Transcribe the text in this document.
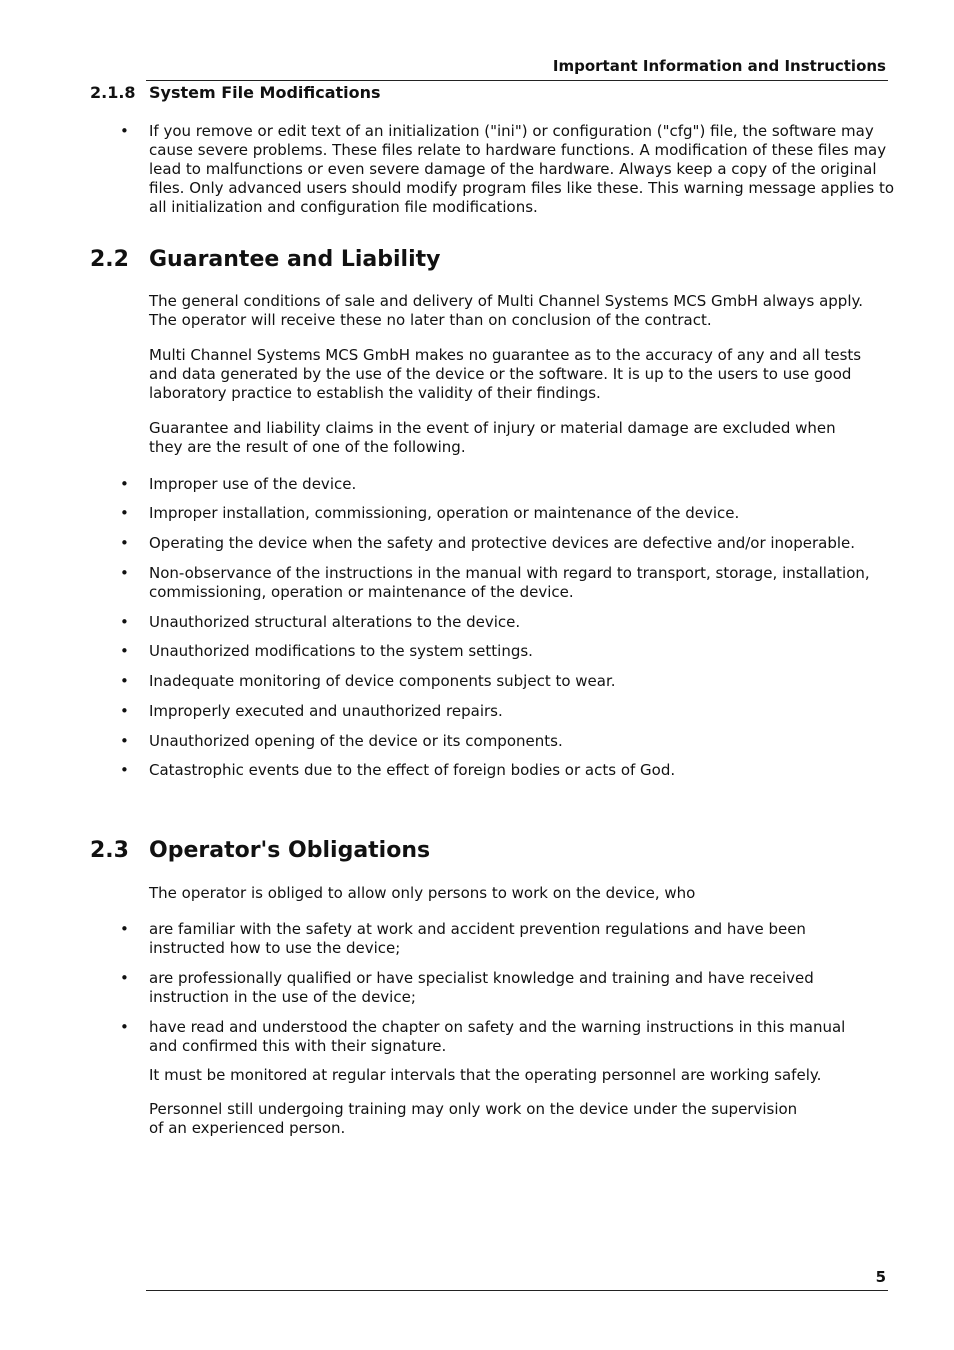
Important Information and Instructions
2.1.8 System File Modifications
• If you remove or edit text of an initialization ("ini") or configuration ("cfg") file, the software may
cause severe problems. These files relate to hardware functions. A modification of these files may
lead to malfunctions or even severe damage of the hardware. Always keep a copy of the original
files. Only advanced users should modify program files like these. This warning message applies to
all initialization and configuration file modifications.
2.2 Guarantee and Liability
The general conditions of sale and delivery of Multi Channel Systems MCS GmbH always apply.
The operator will receive these no later than on conclusion of the contract.
Multi Channel Systems MCS GmbH makes no guarantee as to the accuracy of any and all tests
and data generated by the use of the device or the software. It is up to the users to use good
laboratory practice to establish the validity of their findings.
Guarantee and liability claims in the event of injury or material damage are excluded when
they are the result of one of the following.
• Improper use of the device.
• Improper installation, commissioning, operation or maintenance of the device.
• Operating the device when the safety and protective devices are defective and/or inoperable.
• Non-observance of the instructions in the manual with regard to transport, storage, installation,
commissioning, operation or maintenance of the device.
• Unauthorized structural alterations to the device.
• Unauthorized modifications to the system settings.
• Inadequate monitoring of device components subject to wear.
• Improperly executed and unauthorized repairs.
• Unauthorized opening of the device or its components.
• Catastrophic events due to the effect of foreign bodies or acts of God.
2.3 Operator's Obligations
The operator is obliged to allow only persons to work on the device, who
• are familiar with the safety at work and accident prevention regulations and have been
instructed how to use the device;
• are professionally qualified or have specialist knowledge and training and have received
instruction in the use of the device;
• have read and understood the chapter on safety and the warning instructions in this manual
and confirmed this with their signature.
It must be monitored at regular intervals that the operating personnel are working safely.
Personnel still undergoing training may only work on the device under the supervision
of an experienced person.
5
